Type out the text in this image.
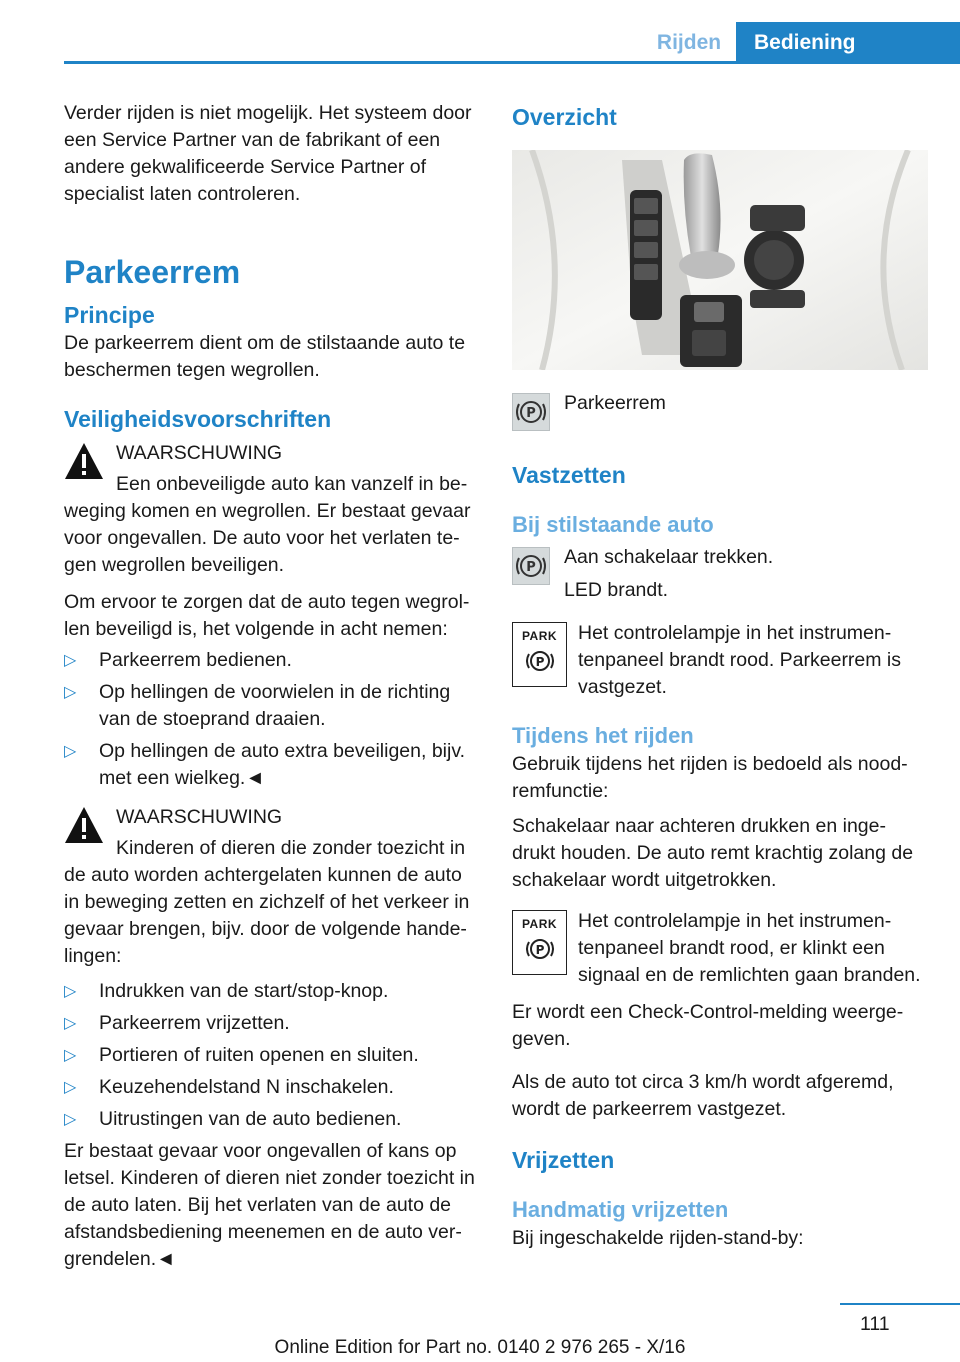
Rijden	Bediening

Verder rijden is niet mogelijk. Het systeem door een Service Partner van de fabrikant of een andere gekwalificeerde Service Partner of specialist laten controleren.

Parkeerrem
Principe

De parkeerrem dient om de stilstaande auto te beschermen tegen wegrollen.

Veiligheidsvoorschriften

WAARSCHUWING

Een onbeveiligde auto kan vanzelf in be‐ weging komen en wegrollen. Er bestaat gevaar voor ongevallen. De auto voor het verlaten te‐ gen wegrollen beveiligen.

Om ervoor te zorgen dat de auto tegen wegrol‐ len beveiligd is, het volgende in acht nemen:

▷ Parkeerrem bedienen.
▷ Op hellingen de voorwielen in de richting van de stoeprand draaien.
▷ Op hellingen de auto extra beveiligen, bijv. met een wielkeg.◄

WAARSCHUWING

Kinderen of dieren die zonder toezicht in de auto worden achtergelaten kunnen de auto in beweging zetten en zichzelf of het verkeer in gevaar brengen, bijv. door de volgende hande‐ lingen:

▷ Indrukken van de start/stop-knop.
▷ Parkeerrem vrijzetten.
▷ Portieren of ruiten openen en sluiten.
▷ Keuzehendelstand N inschakelen.
▷ Uitrustingen van de auto bedienen.

Er bestaat gevaar voor ongevallen of kans op letsel. Kinderen of dieren niet zonder toezicht in de auto laten. Bij het verlaten van de auto de afstandsbediening meenemen en de auto ver‐ grendelen.◄

Overzicht
P	Parkeerrem

Vastzetten
Bij stilstaande auto
P	Aan schakelaar trekken.

LED brandt.

PARK
P

Het controlelampje in het instrumen‐ tenpaneel brandt rood. Parkeerrem is vastgezet.

Tijdens het rijden

Gebruik tijdens het rijden is bedoeld als nood‐ remfunctie:

Schakelaar naar achteren drukken en inge‐ drukt houden. De auto remt krachtig zolang de schakelaar wordt uitgetrokken.

PARK
P

Het controlelampje in het instrumen‐ tenpaneel brandt rood, er klinkt een signaal en de remlichten gaan branden.

Er wordt een Check-Control-melding weerge‐ geven.

Als de auto tot circa 3 km/h wordt afgeremd, wordt de parkeerrem vastgezet.

Vrijzetten
Handmatig vrijzetten

Bij ingeschakelde rijden-stand-by:

111
Online Edition for Part no. 0140 2 976 265 - X/16
